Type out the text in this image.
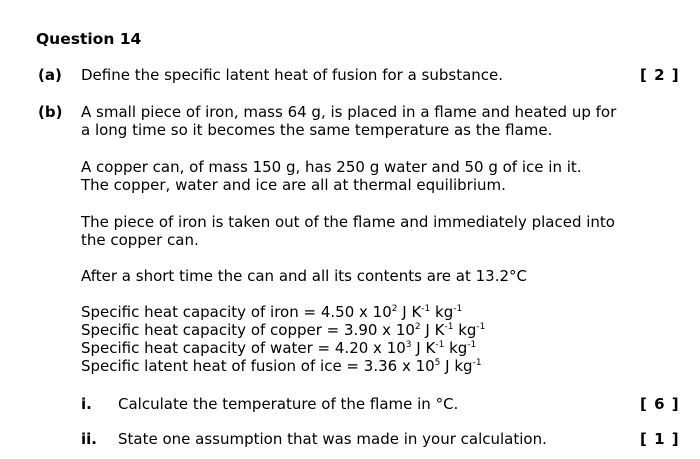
Question 14
(a) Define the specific latent heat of fusion for a substance.	[ 2 ]
(b) A small piece of iron, mass 64 g, is placed in a flame and heated up for
a long time so it becomes the same temperature as the flame.
A copper can, of mass 150 g, has 250 g water and 50 g of ice in it.
The copper, water and ice are all at thermal equilibrium.
The piece of iron is taken out of the flame and immediately placed into
the copper can.
After a short time the can and all its contents are at 13.2°C
Specific heat capacity of iron = 4.50 x $10^2$ J $K^{-1}$ $kg^{-1}$
Specific heat capacity of copper = 3.90 x $10^2$ J $K^{-1}$ $kg^{-1}$
Specific heat capacity of water = 4.20 x $10^3$ J $K^{-1}$ $kg^{-1}$
Specific latent heat of fusion of ice = 3.36 x $10^5$ J $kg^{-1}$
i. Calculate the temperature of the flame in °C.	[ 6 ]
ii. State one assumption that was made in your calculation.	[ 1 ]
